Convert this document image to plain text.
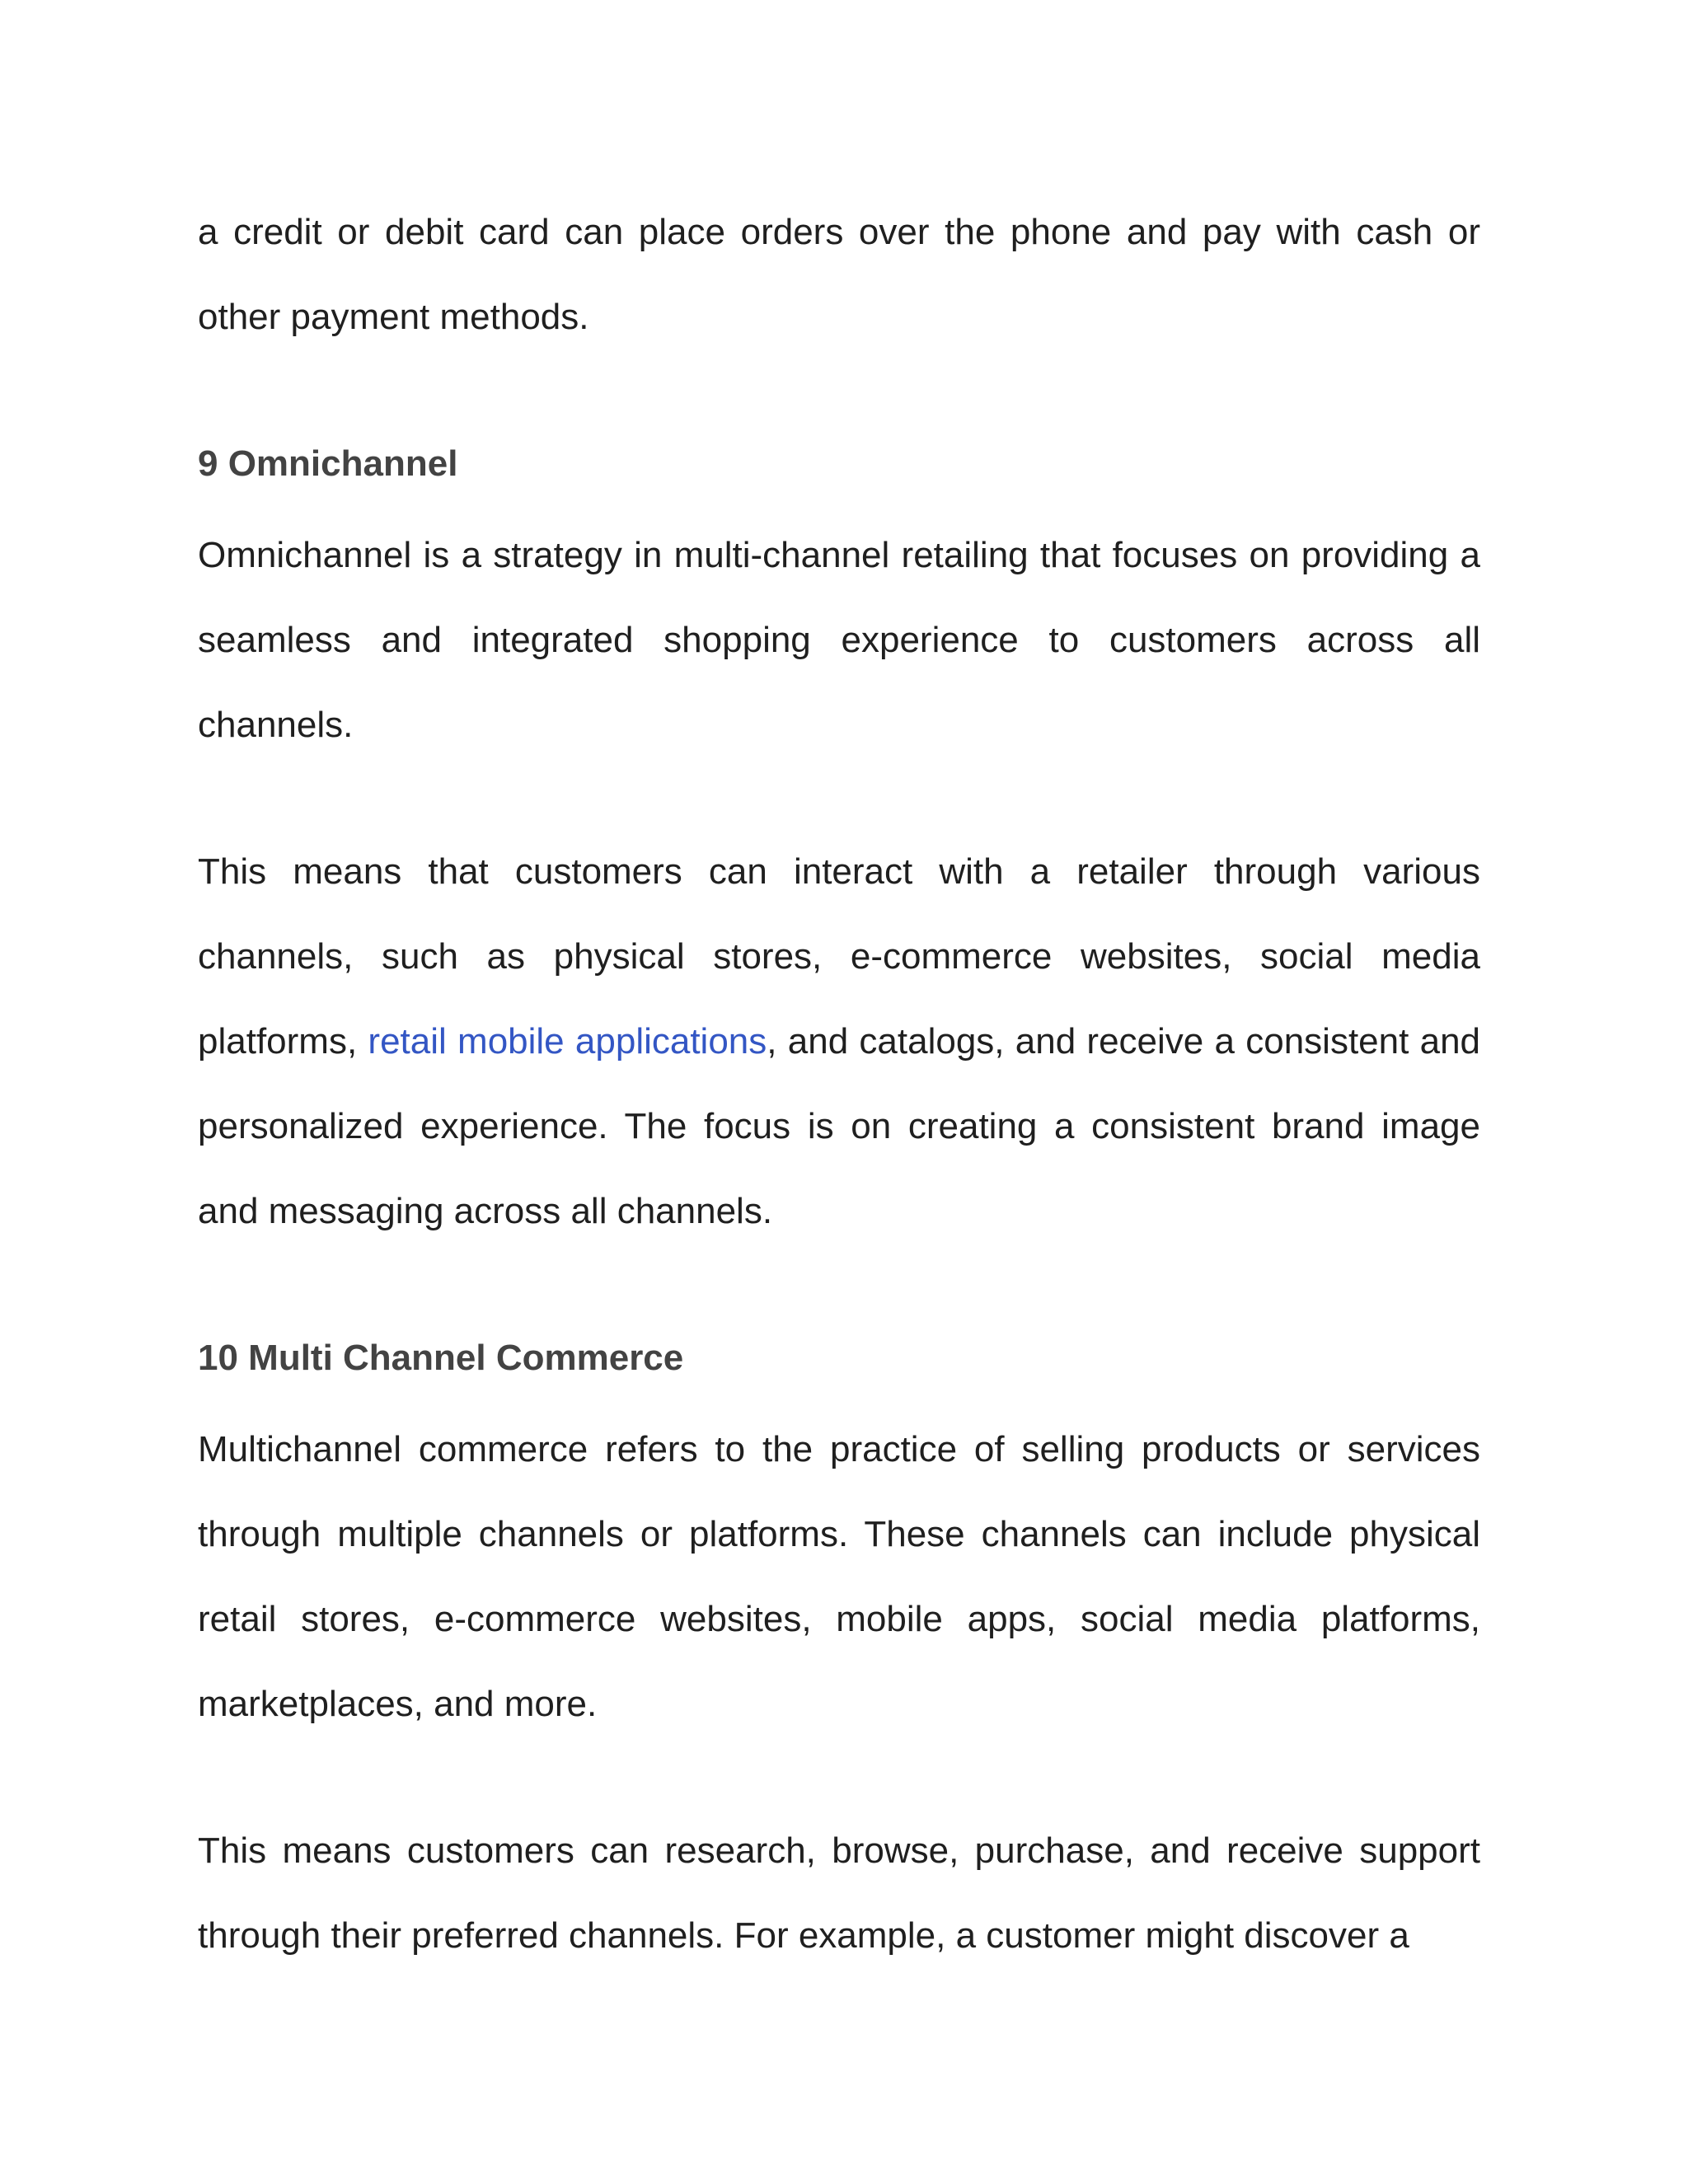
a credit or debit card can place orders over the phone and pay with cash or other payment methods.

9 Omnichannel

Omnichannel is a strategy in multi-channel retailing that focuses on providing a seamless and integrated shopping experience to customers across all channels.

This means that customers can interact with a retailer through various channels, such as physical stores, e-commerce websites, social media platforms, retail mobile applications, and catalogs, and receive a consistent and personalized experience. The focus is on creating a consistent brand image and messaging across all channels.

10 Multi Channel Commerce

Multichannel commerce refers to the practice of selling products or services through multiple channels or platforms. These channels can include physical retail stores, e-commerce websites, mobile apps, social media platforms, marketplaces, and more.

This means customers can research, browse, purchase, and receive support through their preferred channels. For example, a customer might discover a
